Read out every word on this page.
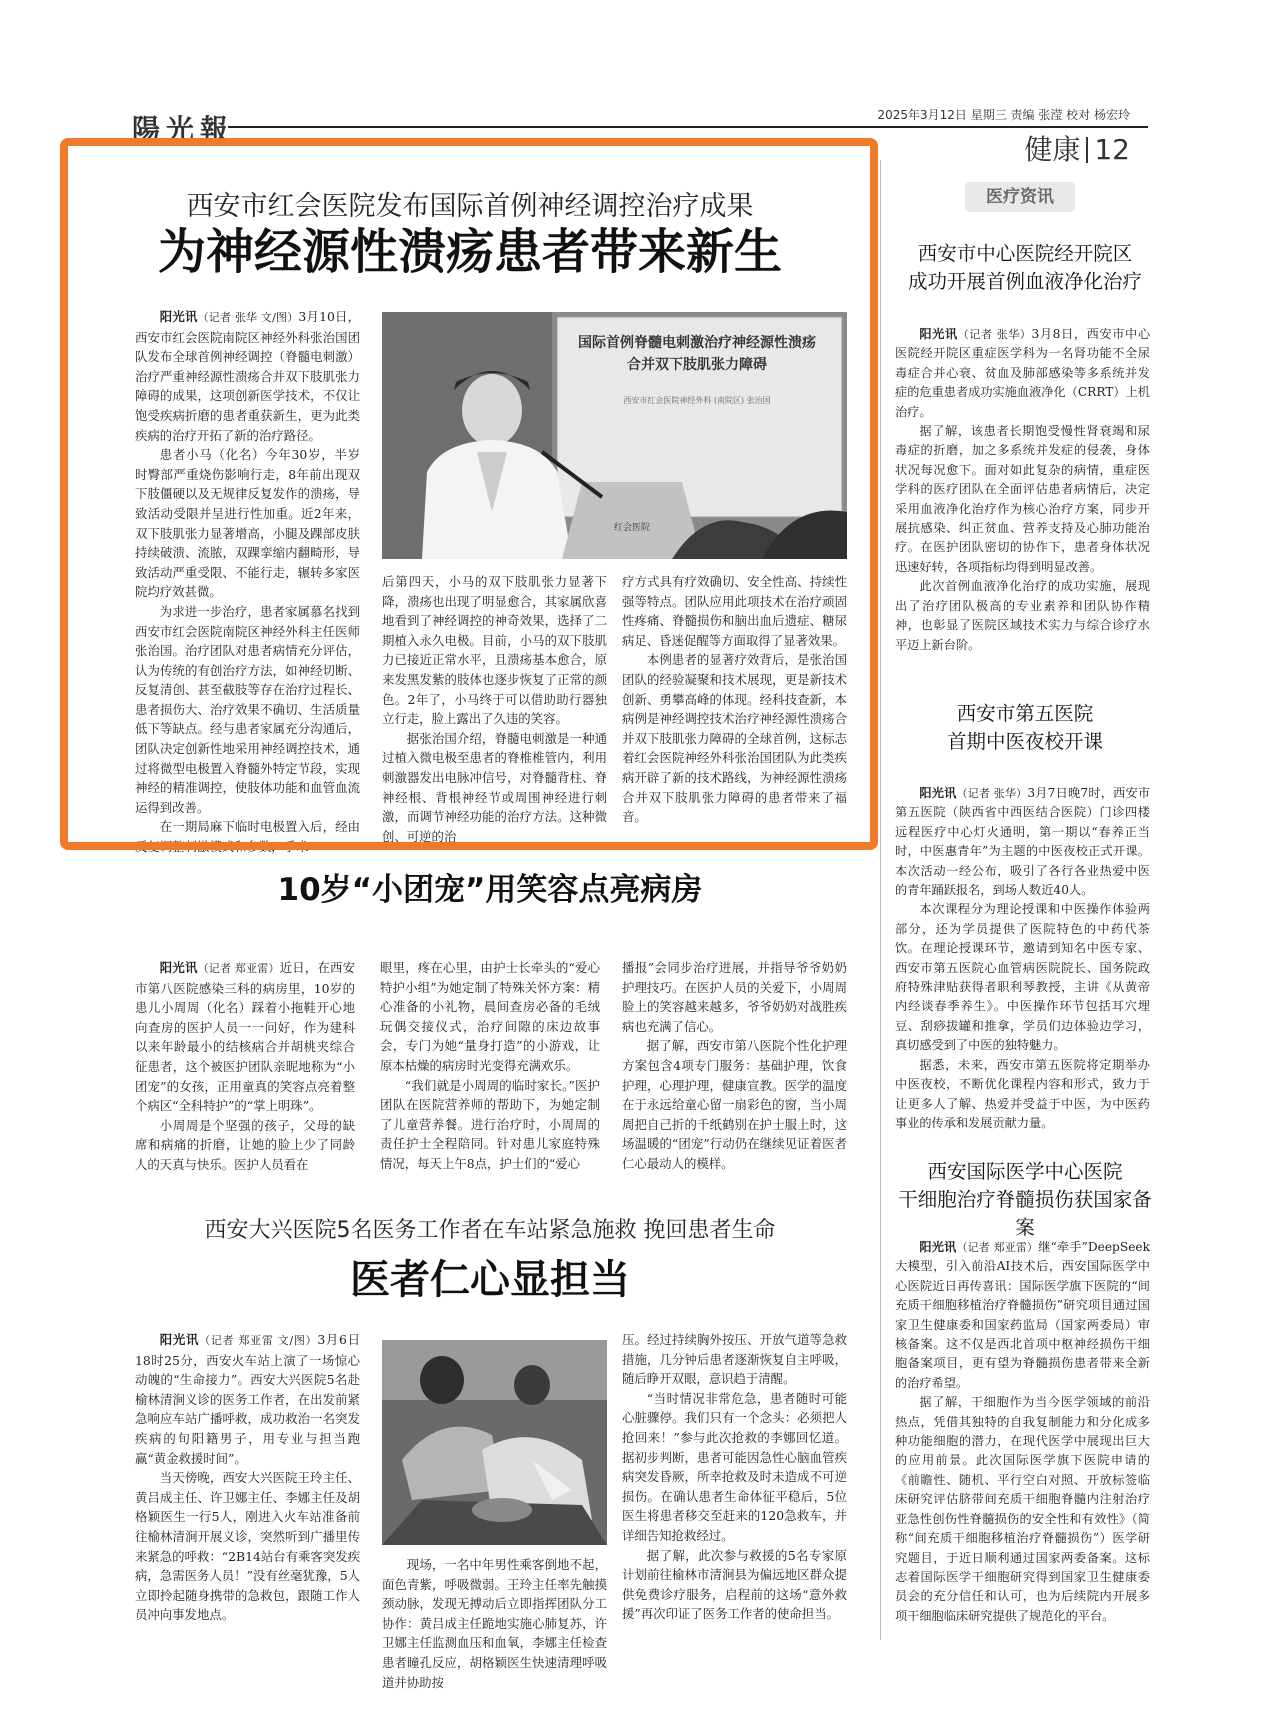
陽光報	2025年3月12日 星期三 责编 张滢 校对 杨宏玲
健康 12
西安市红会医院发布国际首例神经调控治疗成果
为神经源性溃疡患者带来新生

阳光讯（记者 张华 文/图）3月10日，西安市红会医院南院区神经外科张治国团队发布全球首例神经调控（脊髓电刺激）治疗严重神经源性溃疡合并双下肢肌张力障碍的成果，这项创新医学技术，不仅让饱受疾病折磨的患者重获新生，更为此类疾病的治疗开拓了新的治疗路径。

患者小马（化名）今年30岁，半岁时臀部严重烧伤影响行走，8年前出现双下肢僵硬以及无规律反复发作的溃疡，导致活动受限并呈进行性加重。近2年来，双下肢肌张力显著增高，小腿及踝部皮肤持续破溃、流脓，双踝挛缩内翻畸形，导致活动严重受限、不能行走，辗转多家医院均疗效甚微。

为求进一步治疗，患者家属慕名找到西安市红会医院南院区神经外科主任医师张治国。治疗团队对患者病情充分评估，认为传统的有创治疗方法，如神经切断、反复清创、甚至截肢等存在治疗过程长、患者损伤大、治疗效果不确切、生活质量低下等缺点。经与患者家属充分沟通后，团队决定创新性地采用神经调控技术，通过将微型电极置入脊髓外特定节段，实现神经的精准调控，使肢体功能和血管血流运得到改善。

在一期局麻下临时电极置入后，经由反复调整刺激模式和参数，手术

国际首例脊髓电刺激治疗神经源性溃疡
合并双下肢肌张力障碍
西安市红会医院神经外科 (南院区) 张治国
红会医院

后第四天，小马的双下肢肌张力显著下降，溃疡也出现了明显愈合，其家属欣喜地看到了神经调控的神奇效果，选择了二期植入永久电极。目前，小马的双下肢肌力已接近正常水平，且溃疡基本愈合，原来发黑发紫的肢体也逐步恢复了正常的颜色。2年了，小马终于可以借助助行器独立行走，脸上露出了久违的笑容。

据张治国介绍，脊髓电刺激是一种通过植入微电极至患者的脊椎椎管内，利用刺激器发出电脉冲信号，对脊髓背柱、脊神经根、背根神经节或周围神经进行刺激，而调节神经功能的治疗方法。这种微创、可逆的治

疗方式具有疗效确切、安全性高、持续性强等特点。团队应用此项技术在治疗顽固性疼痛、脊髓损伤和脑出血后遗症、糖尿病足、昏迷促醒等方面取得了显著效果。

本例患者的显著疗效背后，是张治国团队的经验凝聚和技术展现，更是新技术创新、勇攀高峰的体现。经科技查新，本病例是神经调控技术治疗神经源性溃疡合并双下肢肌张力障碍的全球首例，这标志着红会医院神经外科张治国团队为此类疾病开辟了新的技术路线，为神经源性溃疡合并双下肢肌张力障碍的患者带来了福音。

10岁“小团宠”用笑容点亮病房

阳光讯（记者 郑亚雷）近日，在西安市第八医院感染三科的病房里，10岁的患儿小周周（化名）踩着小拖鞋开心地向查房的医护人员一一问好，作为建科以来年龄最小的结核病合并胡桃夹综合征患者，这个被医护团队亲昵地称为“小团宠”的女孩，正用童真的笑容点亮着整个病区“全科特护”的“掌上明珠”。

小周周是个坚强的孩子，父母的缺席和病痛的折磨，让她的脸上少了同龄人的天真与快乐。医护人员看在

眼里，疼在心里，由护士长牵头的“爱心特护小组”为她定制了特殊关怀方案：精心准备的小礼物，晨间查房必备的毛绒玩偶交接仪式，治疗间隙的床边故事会，专门为她“量身打造”的小游戏，让原本枯燥的病房时光变得充满欢乐。

“我们就是小周周的临时家长。”医护团队在医院营养师的帮助下，为她定制了儿童营养餐。进行治疗时，小周周的责任护士全程陪同。针对患儿家庭特殊情况，每天上午8点，护士们的“爱心

播报”会同步治疗进展，并指导爷爷奶奶护理技巧。在医护人员的关爱下，小周周脸上的笑容越来越多，爷爷奶奶对战胜疾病也充满了信心。

据了解，西安市第八医院个性化护理方案包含4项专门服务：基础护理，饮食护理，心理护理，健康宣教。医学的温度在于永远给童心留一扇彩色的窗，当小周周把自己折的千纸鹤别在护士服上时，这场温暖的“团宠”行动仍在继续见证着医者仁心最动人的模样。

西安大兴医院5名医务工作者在车站紧急施救 挽回患者生命
医者仁心显担当

阳光讯（记者 郑亚雷 文/图）3月6日18时25分，西安火车站上演了一场惊心动魄的“生命接力”。西安大兴医院5名赴榆林清涧义诊的医务工作者，在出发前紧急响应车站广播呼救，成功救治一名突发疾病的旬阳籍男子，用专业与担当跑赢“黄金救援时间”。

当天傍晚，西安大兴医院王玲主任、黄吕成主任、许卫娜主任、李娜主任及胡格颖医生一行5人，刚进入火车站准备前往榆林清涧开展义诊，突然听到广播里传来紧急的呼救：“2B14站台有乘客突发疾病，急需医务人员！”没有丝毫犹豫，5人立即拎起随身携带的急救包，跟随工作人员冲向事发地点。

现场，一名中年男性乘客倒地不起，面色青紫，呼吸微弱。王玲主任率先触摸颈动脉，发现无搏动后立即指挥团队分工协作：黄吕成主任跪地实施心肺复苏，许卫娜主任监测血压和血氧，李娜主任检查患者瞳孔反应，胡格颖医生快速清理呼吸道并协助按

压。经过持续胸外按压、开放气道等急救措施，几分钟后患者逐渐恢复自主呼吸，随后睁开双眼，意识趋于清醒。

“当时情况非常危急，患者随时可能心脏骤停。我们只有一个念头：必须把人抢回来！”参与此次抢救的李娜回忆道。据初步判断，患者可能因急性心脑血管疾病突发昏厥，所幸抢救及时未造成不可逆损伤。在确认患者生命体征平稳后，5位医生将患者移交至赶来的120急救车，并详细告知抢救经过。

据了解，此次参与救援的5名专家原计划前往榆林市清涧县为偏远地区群众提供免费诊疗服务，启程前的这场“意外救援”再次印证了医务工作者的使命担当。

医疗资讯
西安市中心医院经开院区
成功开展首例血液净化治疗

阳光讯（记者 张华）3月8日，西安市中心医院经开院区重症医学科为一名肾功能不全尿毒症合并心衰、贫血及肺部感染等多系统并发症的危重患者成功实施血液净化（CRRT）上机治疗。

据了解，该患者长期饱受慢性肾衰竭和尿毒症的折磨，加之多系统并发症的侵袭，身体状况每况愈下。面对如此复杂的病情，重症医学科的医疗团队在全面评估患者病情后，决定采用血液净化治疗作为核心治疗方案，同步开展抗感染、纠正贫血、营养支持及心肺功能治疗。在医护团队密切的协作下，患者身体状况迅速好转，各项指标均得到明显改善。

此次首例血液净化治疗的成功实施，展现出了治疗团队极高的专业素养和团队协作精神，也彰显了医院区域技术实力与综合诊疗水平迈上新台阶。

西安市第五医院
首期中医夜校开课

阳光讯（记者 张华）3月7日晚7时，西安市第五医院（陕西省中西医结合医院）门诊四楼远程医疗中心灯火通明，第一期以“春养正当时，中医惠青年”为主题的中医夜校正式开课。本次活动一经公布，吸引了各行各业热爱中医的青年踊跃报名，到场人数近40人。

本次课程分为理论授课和中医操作体验两部分，还为学员提供了医院特色的中药代茶饮。在理论授课环节，邀请到知名中医专家、西安市第五医院心血管病医院院长、国务院政府特殊津贴获得者职利琴教授，主讲《从黄帝内经谈春季养生》。中医操作环节包括耳穴埋豆、刮痧拔罐和推拿，学员们边体验边学习，真切感受到了中医的独特魅力。

据悉，未来，西安市第五医院将定期举办中医夜校，不断优化课程内容和形式，致力于让更多人了解、热爱并受益于中医，为中医药事业的传承和发展贡献力量。

西安国际医学中心医院
干细胞治疗脊髓损伤获国家备案

阳光讯（记者 郑亚雷）继“牵手”DeepSeek大模型，引入前沿AI技术后，西安国际医学中心医院近日再传喜讯：国际医学旗下医院的“间充质干细胞移植治疗脊髓损伤”研究项目通过国家卫生健康委和国家药监局（国家两委局）审核备案。这不仅是西北首项中枢神经损伤干细胞备案项目，更有望为脊髓损伤患者带来全新的治疗希望。

据了解，干细胞作为当今医学领域的前沿热点，凭借其独特的自我复制能力和分化成多种功能细胞的潜力，在现代医学中展现出巨大的应用前景。此次国际医学旗下医院申请的《前瞻性、随机、平行空白对照、开放标签临床研究评估脐带间充质干细胞脊髓内注射治疗亚急性创伤性脊髓损伤的安全性和有效性》（简称“间充质干细胞移植治疗脊髓损伤”）医学研究题目，于近日顺利通过国家两委备案。这标志着国际医学干细胞研究得到国家卫生健康委员会的充分信任和认可，也为后续院内开展多项干细胞临床研究提供了规范化的平台。
